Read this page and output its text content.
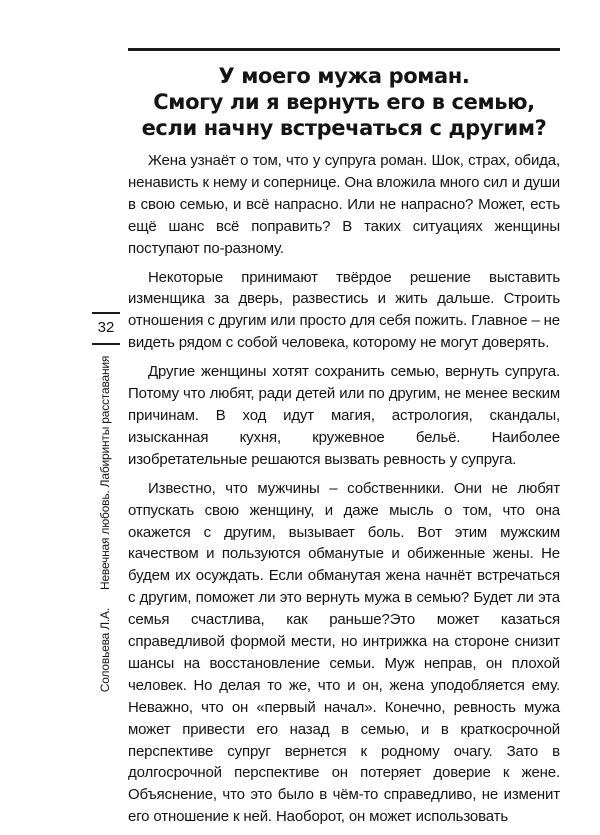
У моего мужа роман.
Смогу ли я вернуть его в семью,
если начну встречаться с другим?
32
Соловьева Л.А.Невечная любовь. Лабиринты расставания

Жена узнаёт о том, что у супруга роман. Шок, страх, обида, ненависть к нему и сопернице. Она вложила много сил и души в свою семью, и всё напрасно. Или не напрасно? Может, есть ещё шанс всё поправить? В таких ситуациях женщины поступают по-разному.

Некоторые принимают твёрдое решение выставить изменщика за дверь, развестись и жить дальше. Строить отношения с другим или просто для себя пожить. Главное – не видеть рядом с собой человека, которому не могут доверять.

Другие женщины хотят сохранить семью, вернуть супруга. Потому что любят, ради детей или по другим, не менее веским причинам. В ход идут магия, астрология, скандалы, изысканная кухня, кружевное бельё. Наиболее изобретательные решаются вызвать ревность у супруга.

Известно, что мужчины – собственники. Они не любят отпускать свою женщину, и даже мысль о том, что она окажется с другим, вызывает боль. Вот этим мужским качеством и пользуются обманутые и обиженные жены. Не будем их осуждать. Если обманутая жена начнёт встречаться с другим, поможет ли это вернуть мужа в семью? Будет ли эта семья счастлива, как раньше?Это может казаться справедливой формой мести, но интрижка на стороне снизит шансы на восстановление семьи. Муж неправ, он плохой человек. Но делая то же, что и он, жена уподобляется ему. Неважно, что он «первый начал». Конечно, ревность мужа может привести его назад в семью, и в краткосрочной перспективе супруг вернется к родному очагу. Зато в долгосрочной перспективе он потеряет доверие к жене. Объяснение, что это было в чём-то справедливо, не изменит его отношение к ней. Наоборот, он может использовать
